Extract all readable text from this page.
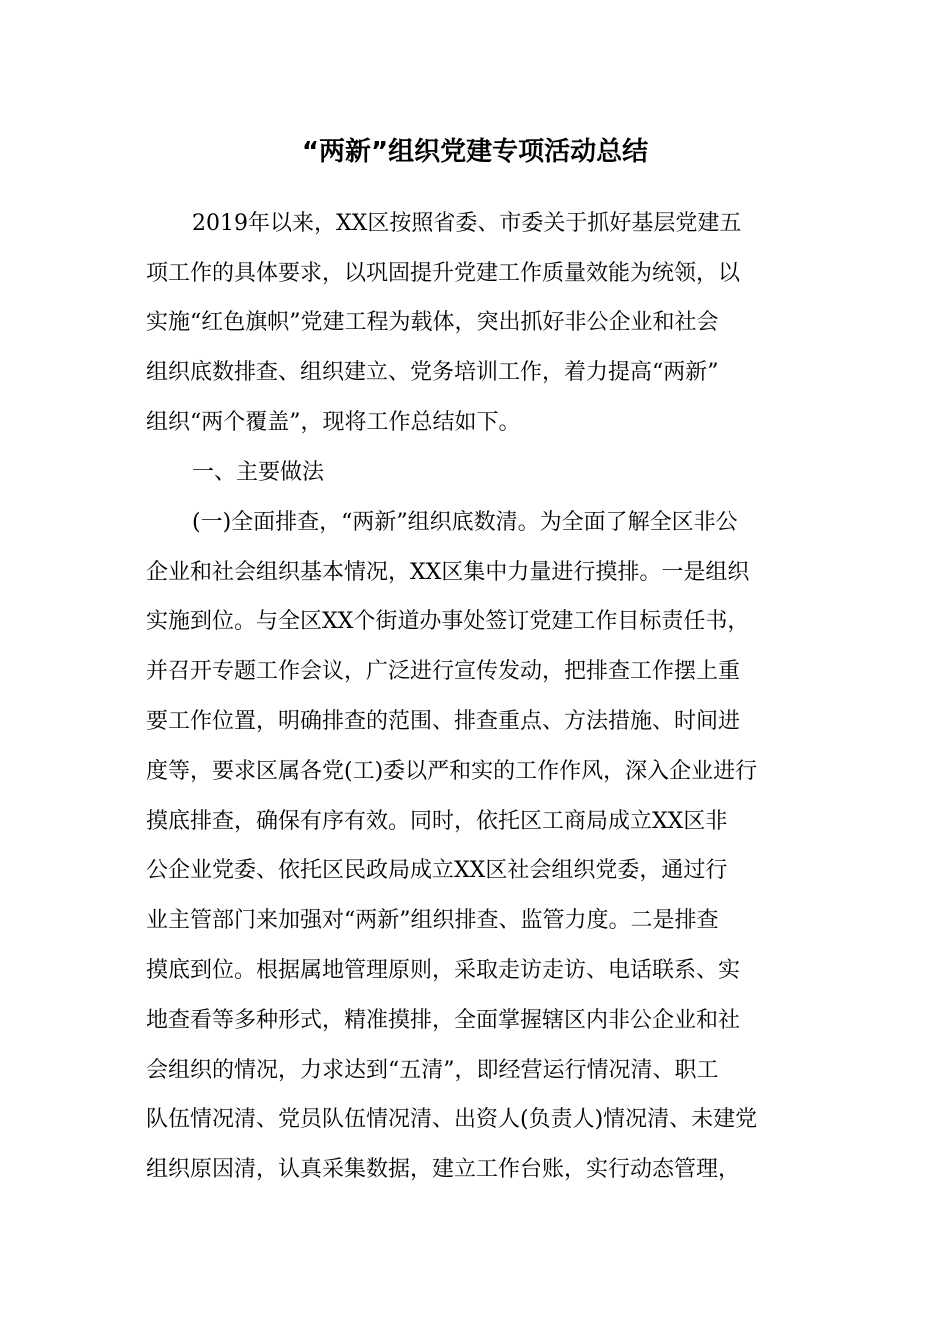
“两新”组织党建专项活动总结

2019年以来，XX区按照省委、市委关于抓好基层党建五

项工作的具体要求，以巩固提升党建工作质量效能为统领，以

实施“红色旗帜”党建工程为载体，突出抓好非公企业和社会

组织底数排查、组织建立、党务培训工作，着力提高“两新”

组织“两个覆盖”，现将工作总结如下。

一、主要做法

(一)全面排查，“两新”组织底数清。为全面了解全区非公

企业和社会组织基本情况，XX区集中力量进行摸排。一是组织

实施到位。与全区XX个街道办事处签订党建工作目标责任书，

并召开专题工作会议，广泛进行宣传发动，把排查工作摆上重

要工作位置，明确排查的范围、排查重点、方法措施、时间进

度等，要求区属各党(工)委以严和实的工作作风，深入企业进行

摸底排查，确保有序有效。同时，依托区工商局成立XX区非

公企业党委、依托区民政局成立XX区社会组织党委，通过行

业主管部门来加强对“两新”组织排查、监管力度。二是排查

摸底到位。根据属地管理原则，采取走访走访、电话联系、实

地查看等多种形式，精准摸排，全面掌握辖区内非公企业和社

会组织的情况，力求达到“五清”，即经营运行情况清、职工

队伍情况清、党员队伍情况清、出资人(负责人)情况清、未建党

组织原因清，认真采集数据，建立工作台账，实行动态管理，
